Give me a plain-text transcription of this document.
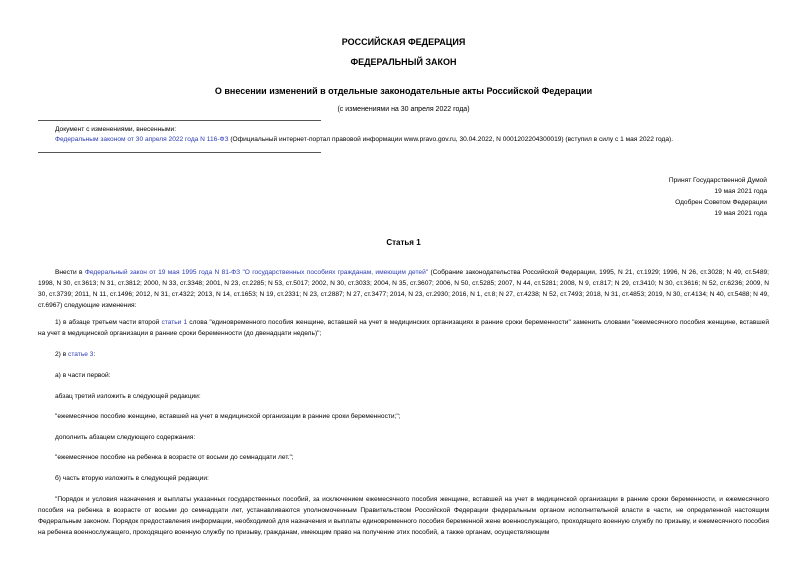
РОССИЙСКАЯ ФЕДЕРАЦИЯ
ФЕДЕРАЛЬНЫЙ ЗАКОН
О внесении изменений в отдельные законодательные акты Российской Федерации
(с изменениями на 30 апреля 2022 года)
Документ с изменениями, внесенными:
Федеральным законом от 30 апреля 2022 года N 116-ФЗ (Официальный интернет-портал правовой информации www.pravo.gov.ru, 30.04.2022, N 0001202204300019) (вступил в силу с 1 мая 2022 года).
Принят Государственной Думой
19 мая 2021 года
Одобрен Советом Федерации
19 мая 2021 года
Статья 1
Внести в Федеральный закон от 19 мая 1995 года N 81-ФЗ "О государственных пособиях гражданам, имеющим детей" (Собрание законодательства Российской Федерации, 1995, N 21, ст.1929; 1996, N 26, ст.3028; N 49, ст.5489; 1998, N 30, ст.3613; N 31, ст.3812; 2000, N 33, ст.3348; 2001, N 23, ст.2285; N 53, ст.5017; 2002, N 30, ст.3033; 2004, N 35, ст.3607; 2006, N 50, ст.5285; 2007, N 44, ст.5281; 2008, N 9, ст.817; N 29, ст.3410; N 30, ст.3616; N 52, ст.6236; 2009, N 30, ст.3739; 2011, N 11, ст.1496; 2012, N 31, ст.4322; 2013, N 14, ст.1653; N 19, ст.2331; N 23, ст.2887; N 27, ст.3477; 2014, N 23, ст.2930; 2016, N 1, ст.8; N 27, ст.4238; N 52, ст.7493; 2018, N 31, ст.4853; 2019, N 30, ст.4134; N 40, ст.5488; N 49, ст.6967) следующие изменения:
1) в абзаце третьем части второй статьи 1 слова "единовременного пособия женщине, вставшей на учет в медицинских организациях в ранние сроки беременности" заменить словами "ежемесячного пособия женщине, вставшей на учет в медицинской организации в ранние сроки беременности (до двенадцати недель)";
2) в статье 3:
а) в части первой:
абзац третий изложить в следующей редакции:
"ежемесячное пособие женщине, вставшей на учет в медицинской организации в ранние сроки беременности;";
дополнить абзацем следующего содержания:
"ежемесячное пособие на ребенка в возрасте от восьми до семнадцати лет.";
б) часть вторую изложить в следующей редакции:
"Порядок и условия назначения и выплаты указанных государственных пособий, за исключением ежемесячного пособия женщине, вставшей на учет в медицинской организации в ранние сроки беременности, и ежемесячного пособия на ребенка в возрасте от восьми до семнадцати лет, устанавливаются уполномоченным Правительством Российской Федерации федеральным органом исполнительной власти в части, не определенной настоящим Федеральным законом. Порядок предоставления информации, необходимой для назначения и выплаты единовременного пособия беременной жене военнослужащего, проходящего военную службу по призыву, и ежемесячного пособия на ребенка военнослужащего, проходящего военную службу по призыву, гражданам, имеющим право на получение этих пособий, а также органам, осуществляющим
